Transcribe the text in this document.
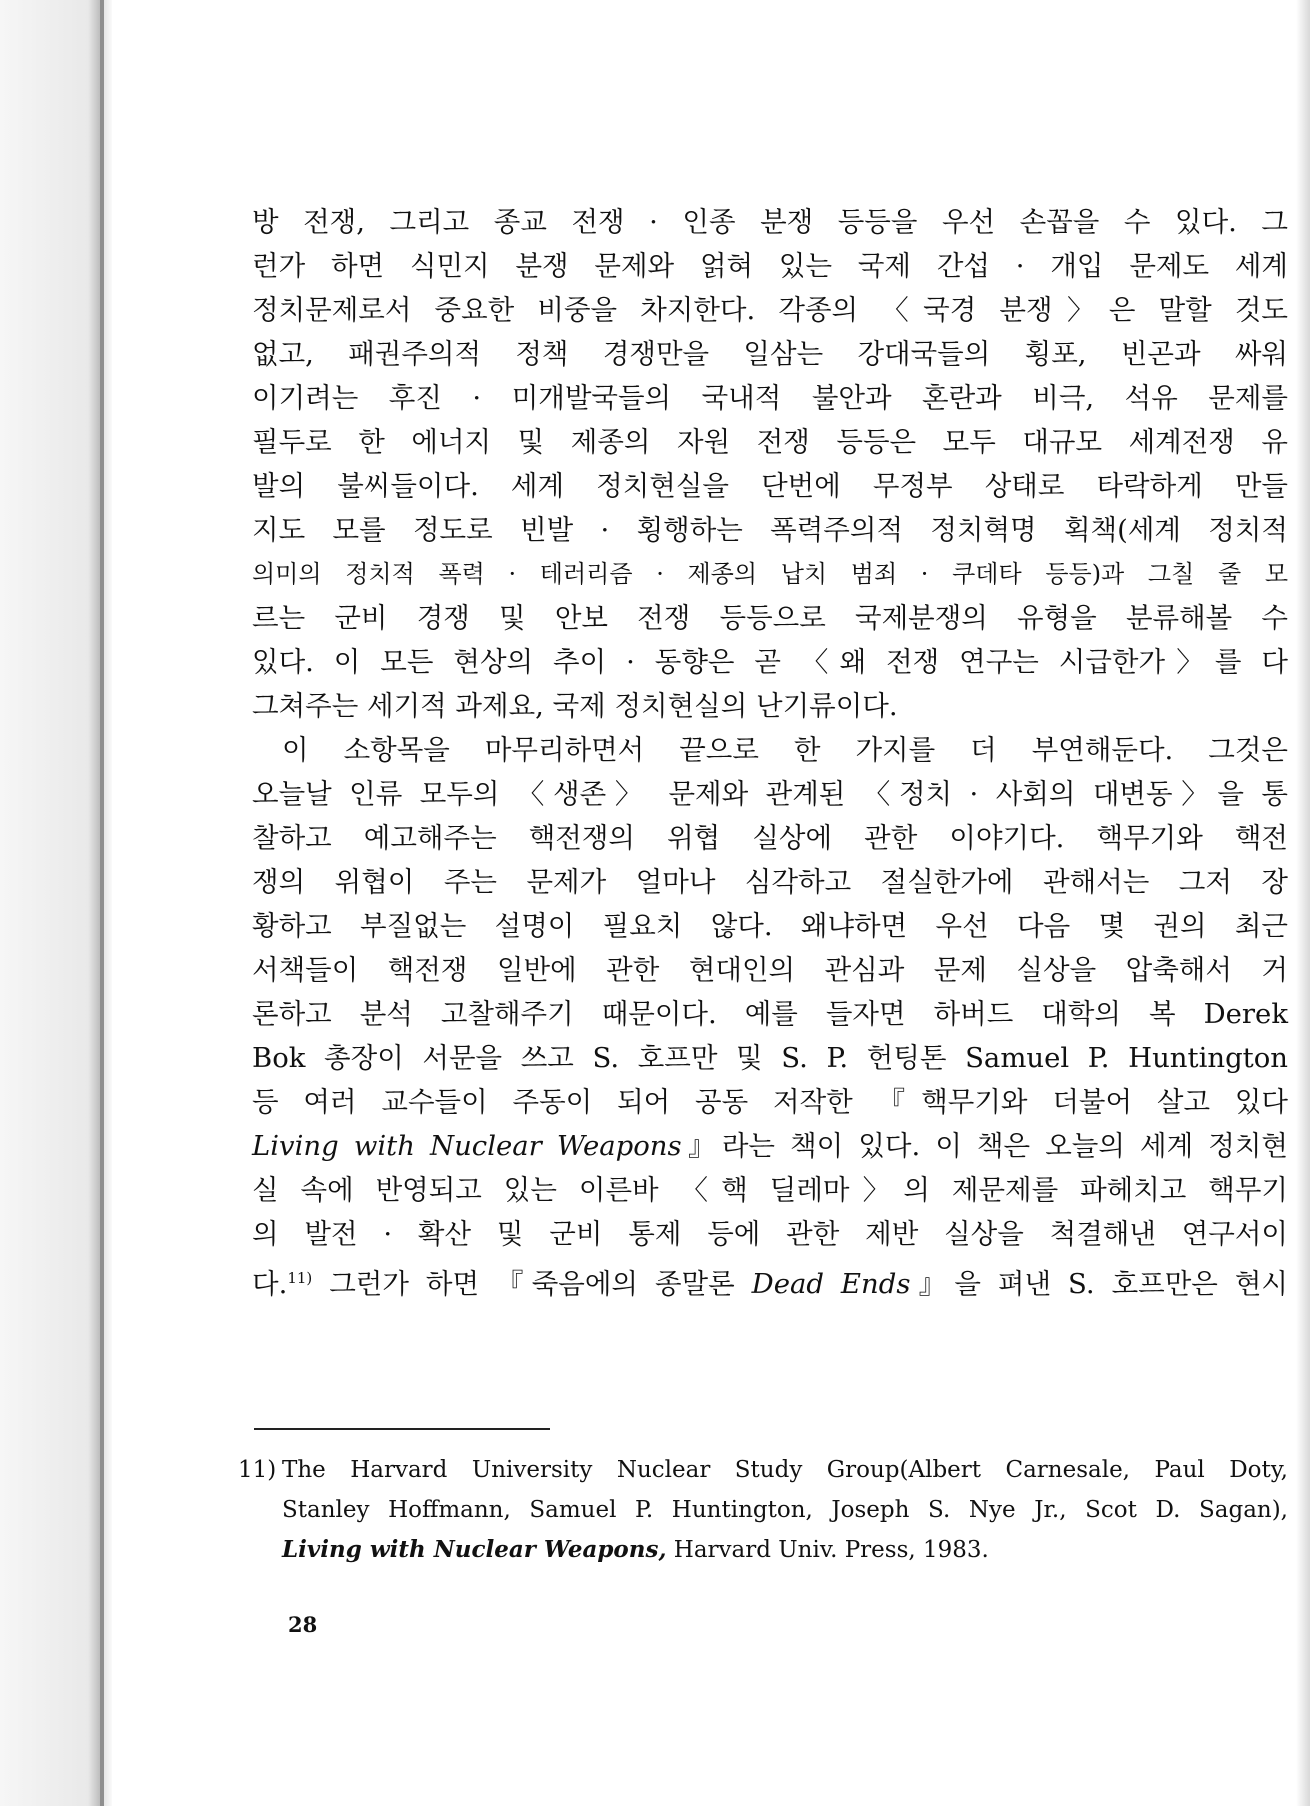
방 전쟁, 그리고 종교 전쟁 · 인종 분쟁 등등을 우선 손꼽을 수 있다. 그
런가 하면 식민지 분쟁 문제와 얽혀 있는 국제 간섭 · 개입 문제도 세계
정치문제로서 중요한 비중을 차지한다. 각종의 〈국경 분쟁〉은 말할 것도
없고, 패권주의적 정책 경쟁만을 일삼는 강대국들의 횡포, 빈곤과 싸워
이기려는 후진 · 미개발국들의 국내적 불안과 혼란과 비극, 석유 문제를
필두로 한 에너지 및 제종의 자원 전쟁 등등은 모두 대규모 세계전쟁 유
발의 불씨들이다. 세계 정치현실을 단번에 무정부 상태로 타락하게 만들
지도 모를 정도로 빈발 · 횡행하는 폭력주의적 정치혁명 획책(세계 정치적
의미의 정치적 폭력 · 테러리즘 · 제종의 납치 범죄 · 쿠데타 등등)과 그칠 줄 모
르는 군비 경쟁 및 안보 전쟁 등등으로 국제분쟁의 유형을 분류해볼 수
있다. 이 모든 현상의 추이 · 동향은 곧 〈왜 전쟁 연구는 시급한가〉를 다
그쳐주는 세기적 과제요, 국제 정치현실의 난기류이다.
이 소항목을 마무리하면서 끝으로 한 가지를 더 부연해둔다. 그것은
오늘날 인류 모두의 〈생존〉 문제와 관계된 〈정치 · 사회의 대변동〉을 통
찰하고 예고해주는 핵전쟁의 위협 실상에 관한 이야기다. 핵무기와 핵전
쟁의 위협이 주는 문제가 얼마나 심각하고 절실한가에 관해서는 그저 장
황하고 부질없는 설명이 필요치 않다. 왜냐하면 우선 다음 몇 권의 최근
서책들이 핵전쟁 일반에 관한 현대인의 관심과 문제 실상을 압축해서 거
론하고 분석 고찰해주기 때문이다. 예를 들자면 하버드 대학의 복 Derek
Bok 총장이 서문을 쓰고 S. 호프만 및 S. P. 헌팅톤 Samuel P. Huntington
등 여러 교수들이 주동이 되어 공동 저작한 『핵무기와 더불어 살고 있다
Living with Nuclear Weapons』라는 책이 있다. 이 책은 오늘의 세계 정치현
실 속에 반영되고 있는 이른바 〈핵 딜레마〉의 제문제를 파헤치고 핵무기
의 발전 · 확산 및 군비 통제 등에 관한 제반 실상을 척결해낸 연구서이
다.$^{11)}$ 그런가 하면 『죽음에의 종말론 Dead Ends』을 펴낸 S. 호프만은 현시
11) The Harvard University Nuclear Study Group(Albert Carnesale, Paul Doty,
Stanley Hoffmann, Samuel P. Huntington, Joseph S. Nye Jr., Scot D. Sagan),
Living with Nuclear Weapons, Harvard Univ. Press, 1983.
28
